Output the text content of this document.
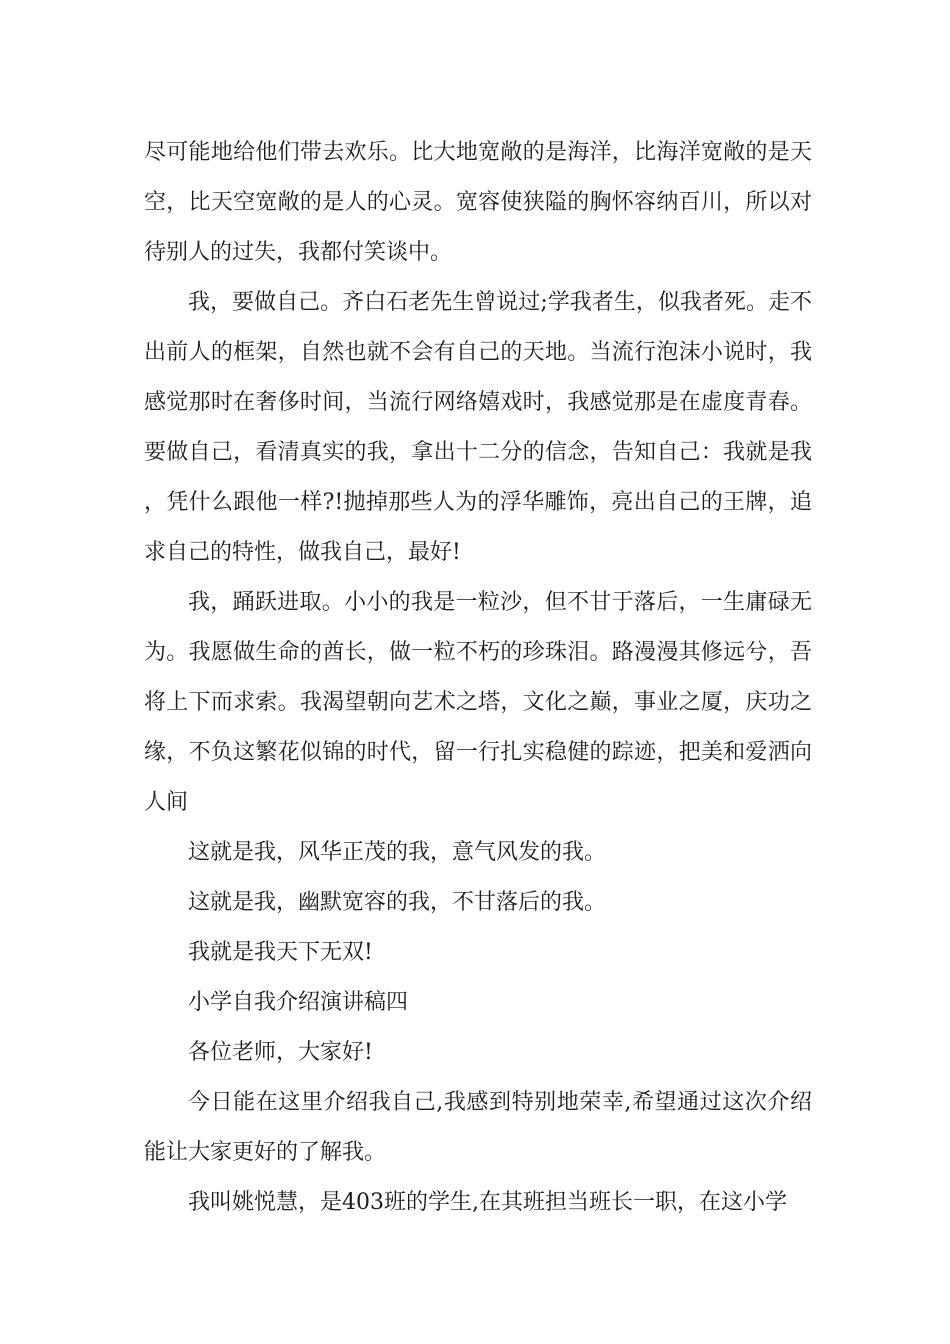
尽可能地给他们带去欢乐。比大地宽敞的是海洋，比海洋宽敞的是天空，比天空宽敞的是人的心灵。宽容使狭隘的胸怀容纳百川，所以对待别人的过失，我都付笑谈中。

我，要做自己。齐白石老先生曾说过;学我者生，似我者死。走不出前人的框架，自然也就不会有自己的天地。当流行泡沫小说时，我感觉那时在奢侈时间，当流行网络嬉戏时，我感觉那是在虚度青春。要做自己，看清真实的我，拿出十二分的信念，告知自己：我就是我，凭什么跟他一样?!抛掉那些人为的浮华雕饰，亮出自己的王牌，追求自己的特性，做我自己，最好!

我，踊跃进取。小小的我是一粒沙，但不甘于落后，一生庸碌无为。我愿做生命的酋长，做一粒不朽的珍珠泪。路漫漫其修远兮，吾将上下而求索。我渴望朝向艺术之塔，文化之巅，事业之厦，庆功之缘，不负这繁花似锦的时代，留一行扎实稳健的踪迹，把美和爱洒向人间

这就是我，风华正茂的我，意气风发的我。

这就是我，幽默宽容的我，不甘落后的我。

我就是我天下无双!

小学自我介绍演讲稿四

各位老师，大家好!

今日能在这里介绍我自己,我感到特别地荣幸,希望通过这次介绍能让大家更好的了解我。

我叫姚悦慧，是403班的学生,在其班担当班长一职，在这小学
